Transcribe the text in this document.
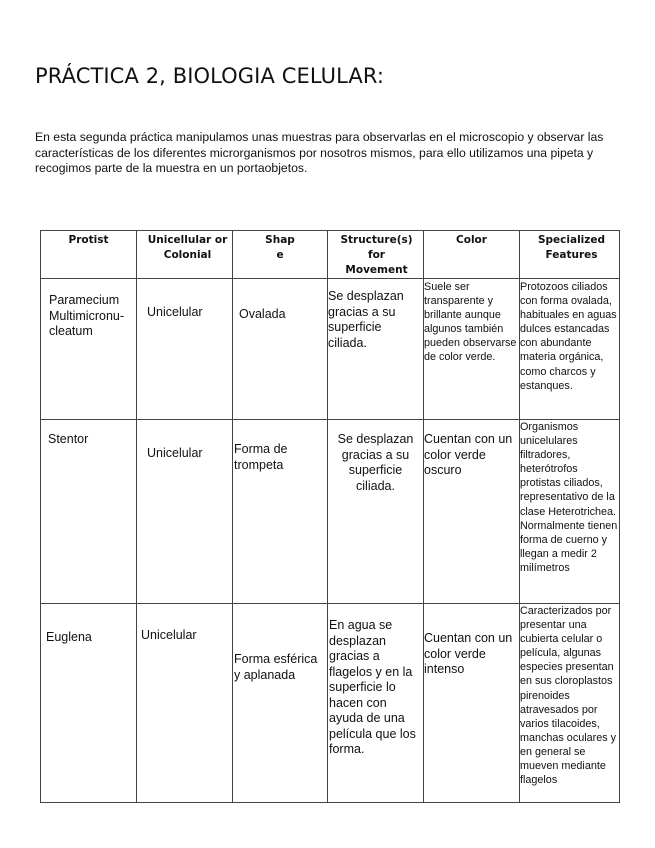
PRÁCTICA 2, BIOLOGIA CELULAR:

En esta segunda práctica manipulamos unas muestras para observarlas en el microscopio y observar las características de los diferentes microrganismos por nosotros mismos, para ello utilizamos una pipeta y recogimos parte de la muestra en un portaobjetos.

Protist	Unicellular or Colonial	Shap e	Structure(s) for Movement	Color	Specialized Features

Paramecium Multimicronu-cleatum	Unicelular	Ovalada	Se desplazan gracias a su superficie ciliada.	Suele ser transparente y brillante aunque algunos también pueden observarse de color verde.	Protozoos ciliados con forma ovalada, habituales en aguas dulces estancadas con abundante materia orgánica, como charcos y estanques.

Stentor	Unicelular	Forma de trompeta	Se desplazan gracias a su superficie ciliada.	Cuentan con un color verde oscuro	Organismos unicelulares filtradores, heterótrofos protistas ciliados, representativo de la clase Heterotrichea. Normalmente tienen forma de cuerno y llegan a medir 2 milímetros

Euglena	Unicelular	Forma esférica y aplanada	En agua se desplazan gracias a flagelos y en la superficie lo hacen con ayuda de una película que los forma.	Cuentan con un color verde intenso	Caracterizados por presentar una cubierta celular o película, algunas especies presentan en sus cloroplastos pirenoides atravesados por varios tilacoides, manchas oculares y en general se mueven mediante flagelos
